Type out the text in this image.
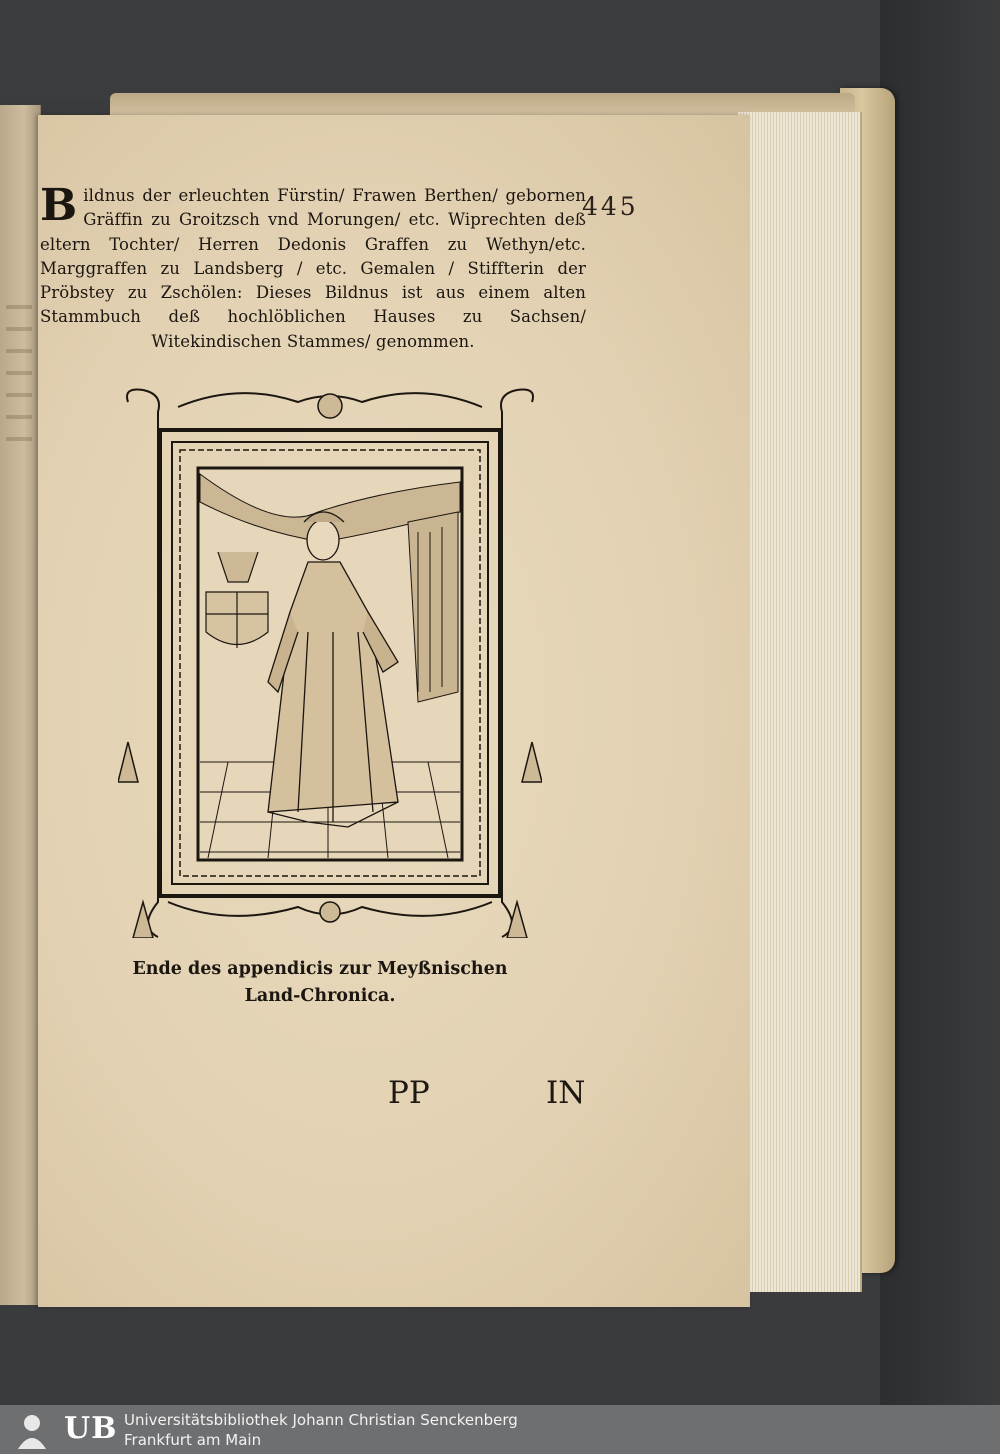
Bildnus der erleuchten Fürstin/ Frawen Berthen/ gebornen Gräffin zu Groitzsch vnd Morungen/ etc. Wiprechten deß eltern Tochter/ Herren Dedonis Graffen zu Wethyn/etc. Marggraffen zu Landsberg / etc. Gemalen / Stiffterin der Pröbstey zu Zschölen: Dieses Bildnus ist aus einem alten Stammbuch deß hochlöblichen Hauses zu Sachsen/ Witekindischen Stammes/ genommen.
445
Ende des appendicis zur Meyßnischen Land-Chronica.
PP	IN
UB Universitätsbibliothek Johann Christian Senckenberg
Frankfurt am Main
